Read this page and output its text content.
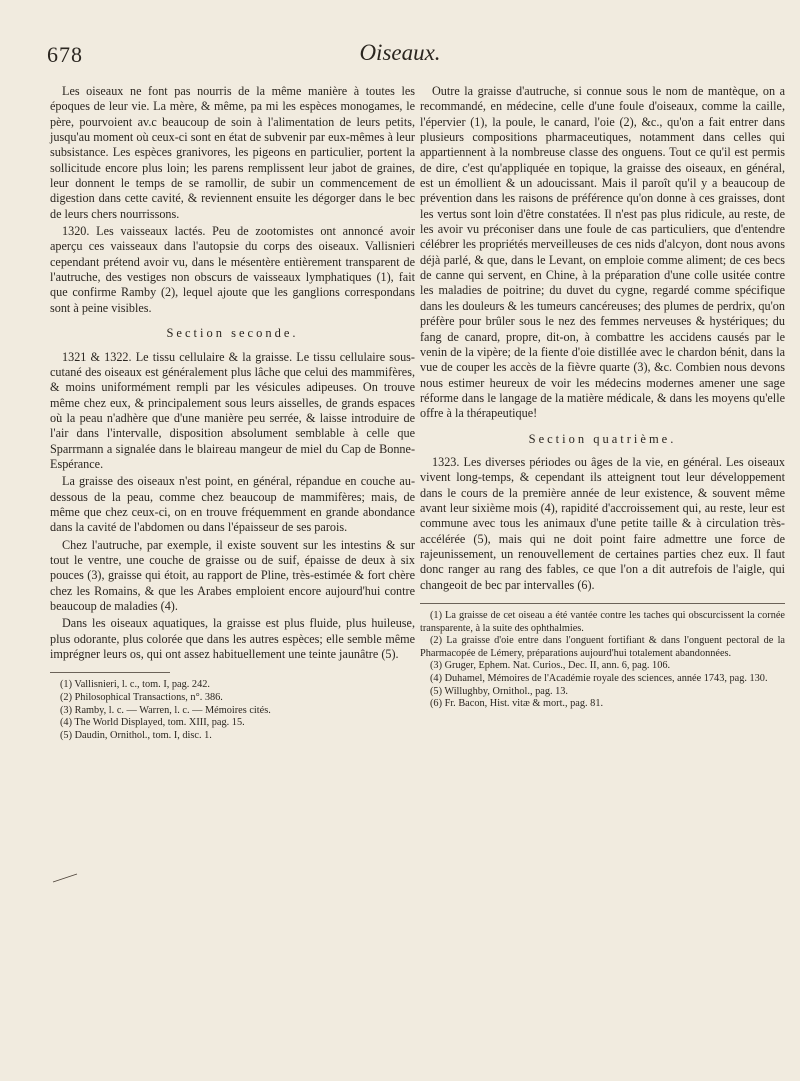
678	Oiseaux.

Les oiseaux ne font pas nourris de la même manière à toutes les époques de leur vie. La mère, & même, pa mi les espèces monogames, le père, pourvoient av.c beaucoup de soin à l'alimentation de leurs petits, jusqu'au moment où ceux-ci sont en état de subvenir par eux-mêmes à leur subsistance. Les espèces granivores, les pigeons en particulier, portent la sollicitude encore plus loin; les parens remplissent leur jabot de graines, leur donnent le temps de se ramollir, de subir un commencement de digestion dans cette cavité, & reviennent ensuite les dégorger dans le bec de leurs chers nourrissons.

1320. Les vaisseaux lactés. Peu de zootomistes ont annoncé avoir aperçu ces vaisseaux dans l'autopsie du corps des oiseaux. Vallisnieri cependant prétend avoir vu, dans le mésentère entièrement transparent de l'autruche, des vestiges non obscurs de vaisseaux lymphatiques (1), fait que confirme Ramby (2), lequel ajoute que les ganglions correspondans sont à peine visibles.

Section seconde.

1321 & 1322. Le tissu cellulaire & la graisse. Le tissu cellulaire sous-cutané des oiseaux est généralement plus lâche que celui des mammifères, & moins uniformément rempli par les vésicules adipeuses. On trouve même chez eux, & principalement sous leurs aisselles, de grands espaces où la peau n'adhère que d'une manière peu serrée, & laisse introduire de l'air dans l'intervalle, disposition absolument semblable à celle que Sparrmann a signalée dans le blaireau mangeur de miel du Cap de Bonne-Espérance.

La graisse des oiseaux n'est point, en général, répandue en couche au-dessous de la peau, comme chez beaucoup de mammifères; mais, de même que chez ceux-ci, on en trouve fréquemment en grande abondance dans la cavité de l'abdomen ou dans l'épaisseur de ses parois.

Chez l'autruche, par exemple, il existe souvent sur les intestins & sur tout le ventre, une couche de graisse ou de suif, épaisse de deux à six pouces (3), graisse qui étoit, au rapport de Pline, très-estimée & fort chère chez les Romains, & que les Arabes emploient encore aujourd'hui contre beaucoup de maladies (4).

Dans les oiseaux aquatiques, la graisse est plus fluide, plus huileuse, plus odorante, plus colorée que dans les autres espèces; elle semble même imprégner leurs os, qui ont assez habituellement une teinte jaunâtre (5).

(1) Vallisnieri, l. c., tom. I, pag. 242.
(2) Philosophical Transactions, n°. 386.
(3) Ramby, l. c. — Warren, l. c. — Mémoires cités.
(4) The World Displayed, tom. XIII, pag. 15.
(5) Daudin, Ornithol., tom. I, disc. 1.

Outre la graisse d'autruche, si connue sous le nom de mantèque, on a recommandé, en médecine, celle d'une foule d'oiseaux, comme la caille, l'épervier (1), la poule, le canard, l'oie (2), &c., qu'on a fait entrer dans plusieurs compositions pharmaceutiques, notamment dans celles qui appartiennent à la nombreuse classe des onguens. Tout ce qu'il est permis de dire, c'est qu'appliquée en topique, la graisse des oiseaux, en général, est un émollient & un adoucissant. Mais il paroît qu'il y a beaucoup de prévention dans les raisons de préférence qu'on donne à ces graisses, dont les vertus sont loin d'être constatées. Il n'est pas plus ridicule, au reste, de les avoir vu préconiser dans une foule de cas particuliers, que d'entendre célébrer les propriétés merveilleuses de ces nids d'alcyon, dont nous avons déjà parlé, & que, dans le Levant, on emploie comme aliment; de ces becs de canne qui servent, en Chine, à la préparation d'une colle usitée contre les maladies de poitrine; du duvet du cygne, regardé comme spécifique dans les douleurs & les tumeurs cancéreuses; des plumes de perdrix, qu'on préfère pour brûler sous le nez des femmes nerveuses & hystériques; du fang de canard, propre, dit-on, à combattre les accidens causés par le venin de la vipère; de la fiente d'oie distillée avec le chardon bénit, dans la vue de couper les accès de la fièvre quarte (3), &c. Combien nous devons nous estimer heureux de voir les médecins modernes amener une sage réforme dans le langage de la matière médicale, & dans les moyens qu'elle offre à la thérapeutique!

Section quatrième.

1323. Les diverses périodes ou âges de la vie, en général. Les oiseaux vivent long-temps, & cependant ils atteignent tout leur développement dans le cours de la première année de leur existence, & souvent même avant leur sixième mois (4), rapidité d'accroissement qui, au reste, leur est commune avec tous les animaux d'une petite taille & à circulation très-accélérée (5), mais qui ne doit point faire admettre une force de rajeunissement, un renouvellement de certaines parties chez eux. Il faut donc ranger au rang des fables, ce que l'on a dit autrefois de l'aigle, qui changeoit de bec par intervalles (6).

(1) La graisse de cet oiseau a été vantée contre les taches qui obscurcissent la cornée transparente, à la suite des ophthalmies.
(2) La graisse d'oie entre dans l'onguent fortifiant & dans l'onguent pectoral de la Pharmacopée de Lémery, préparations aujourd'hui totalement abandonnées.
(3) Gruger, Ephem. Nat. Curios., Dec. II, ann. 6, pag. 106.
(4) Duhamel, Mémoires de l'Académie royale des sciences, année 1743, pag. 130.
(5) Willughby, Ornithol., pag. 13.
(6) Fr. Bacon, Hist. vitæ & mort., pag. 81.
